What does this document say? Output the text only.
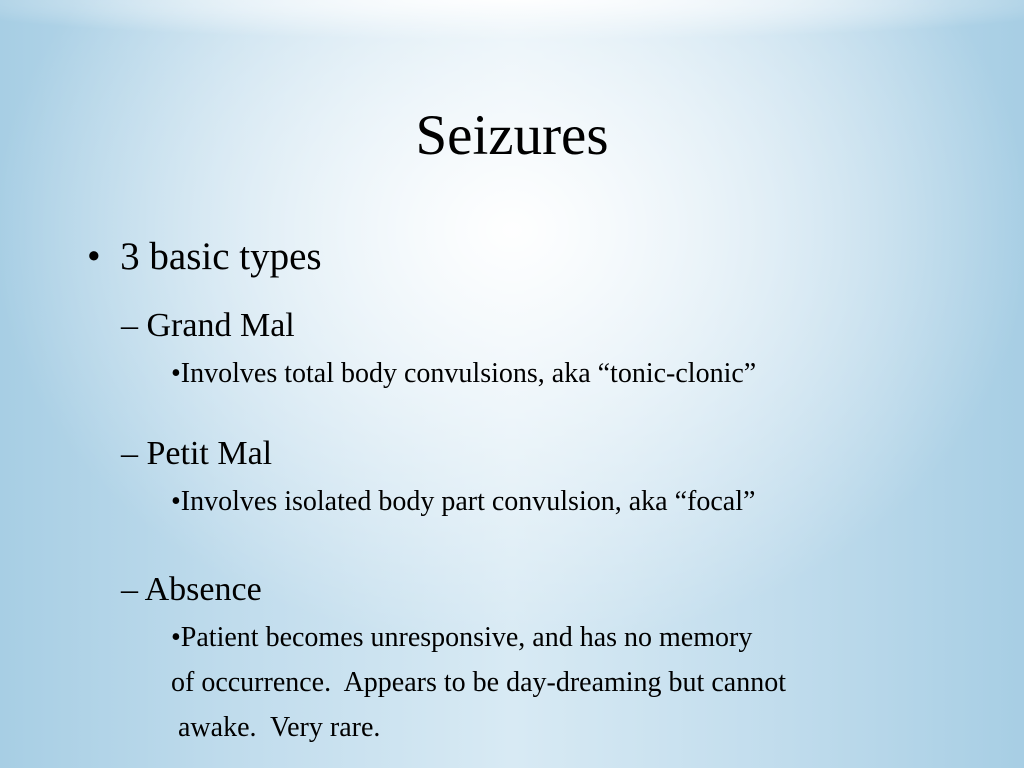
Seizures
•  3 basic types
– Grand Mal
•Involves total body convulsions, aka “tonic-clonic”
– Petit Mal
•Involves isolated body part convulsion, aka “focal”
– Absence
•Patient becomes unresponsive, and has no memory
of occurrence.  Appears to be day-dreaming but cannot
awake.  Very rare.
